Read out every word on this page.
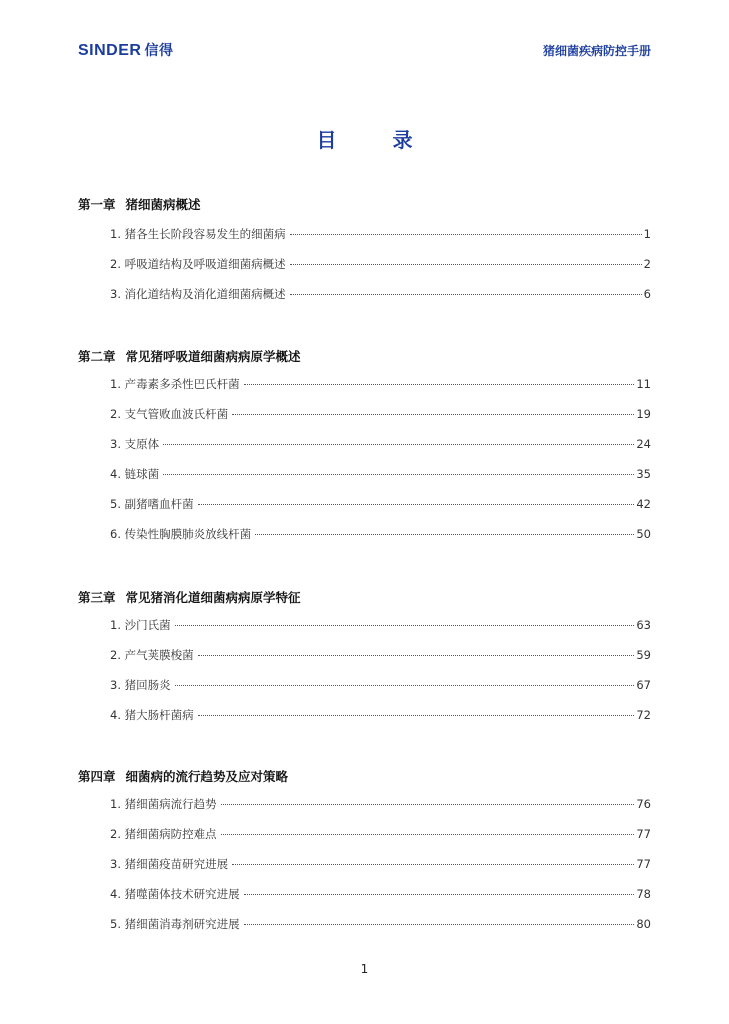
SINDER 信得	猪细菌疾病防控手册
目	录
第一章 猪细菌病概述
1. 猪各生长阶段容易发生的细菌病	1
2. 呼吸道结构及呼吸道细菌病概述	2
3. 消化道结构及消化道细菌病概述	6
第二章 常见猪呼吸道细菌病病原学概述
1. 产毒素多杀性巴氏杆菌	11
2. 支气管败血波氏杆菌	19
3. 支原体	24
4. 链球菌	35
5. 副猪嗜血杆菌	42
6. 传染性胸膜肺炎放线杆菌	50
第三章 常见猪消化道细菌病病原学特征
1. 沙门氏菌	63
2. 产气荚膜梭菌	59
3. 猪回肠炎	67
4. 猪大肠杆菌病	72
第四章 细菌病的流行趋势及应对策略
1. 猪细菌病流行趋势	76
2. 猪细菌病防控难点	77
3. 猪细菌疫苗研究进展	77
4. 猪噬菌体技术研究进展	78
5. 猪细菌消毒剂研究进展	80
1
